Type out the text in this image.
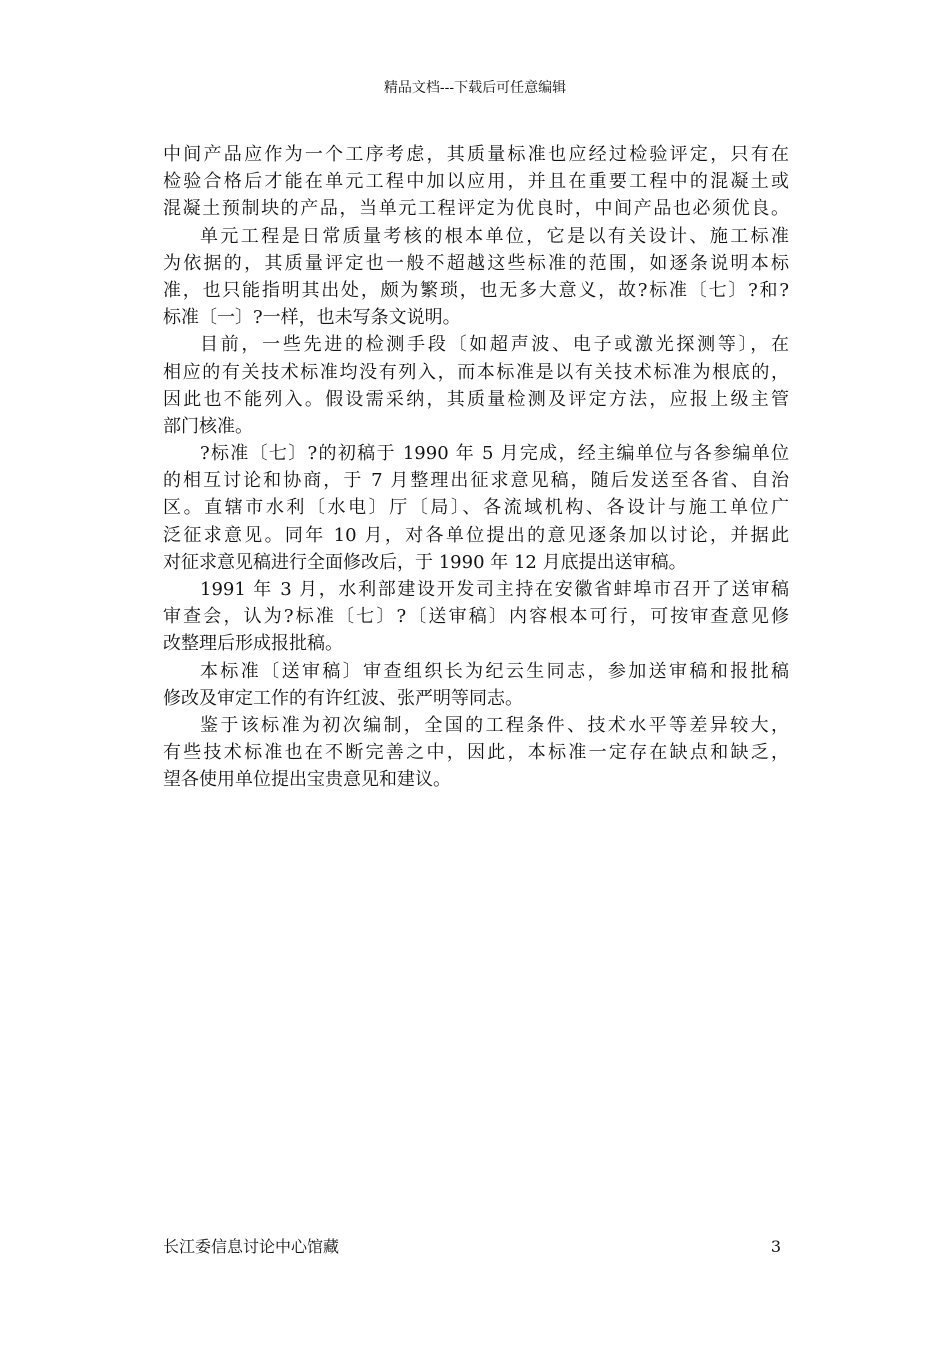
精品文档---下载后可任意编辑
中间产品应作为一个工序考虑，其质量标准也应经过检验评定，只有在
检验合格后才能在单元工程中加以应用，并且在重要工程中的混凝土或
混凝土预制块的产品，当单元工程评定为优良时，中间产品也必须优良。
单元工程是日常质量考核的根本单位，它是以有关设计、施工标准
为依据的，其质量评定也一般不超越这些标准的范围，如逐条说明本标
准，也只能指明其出处，颇为繁琐，也无多大意义，故?标准〔七〕?和?
标准〔一〕?一样，也未写条文说明。
目前，一些先进的检测手段〔如超声波、电子或激光探测等〕，在
相应的有关技术标准均没有列入，而本标准是以有关技术标准为根底的，
因此也不能列入。假设需采纳，其质量检测及评定方法，应报上级主管
部门核准。
?标准〔七〕?的初稿于 1990 年 5 月完成，经主编单位与各参编单位
的相互讨论和协商，于 7 月整理出征求意见稿，随后发送至各省、自治
区。直辖市水利〔水电〕厅〔局〕、各流域机构、各设计与施工单位广
泛征求意见。同年 10 月，对各单位提出的意见逐条加以讨论，并据此
对征求意见稿进行全面修改后，于 1990 年 12 月底提出送审稿。
1991 年 3 月，水利部建设开发司主持在安徽省蚌埠市召开了送审稿
审查会，认为?标准〔七〕?〔送审稿〕内容根本可行，可按审查意见修
改整理后形成报批稿。
本标准〔送审稿〕审查组织长为纪云生同志，参加送审稿和报批稿
修改及审定工作的有许红波、张严明等同志。
鉴于该标准为初次编制，全国的工程条件、技术水平等差异较大，
有些技术标准也在不断完善之中，因此，本标准一定存在缺点和缺乏，
望各使用单位提出宝贵意见和建议。
长江委信息讨论中心馆藏	3
